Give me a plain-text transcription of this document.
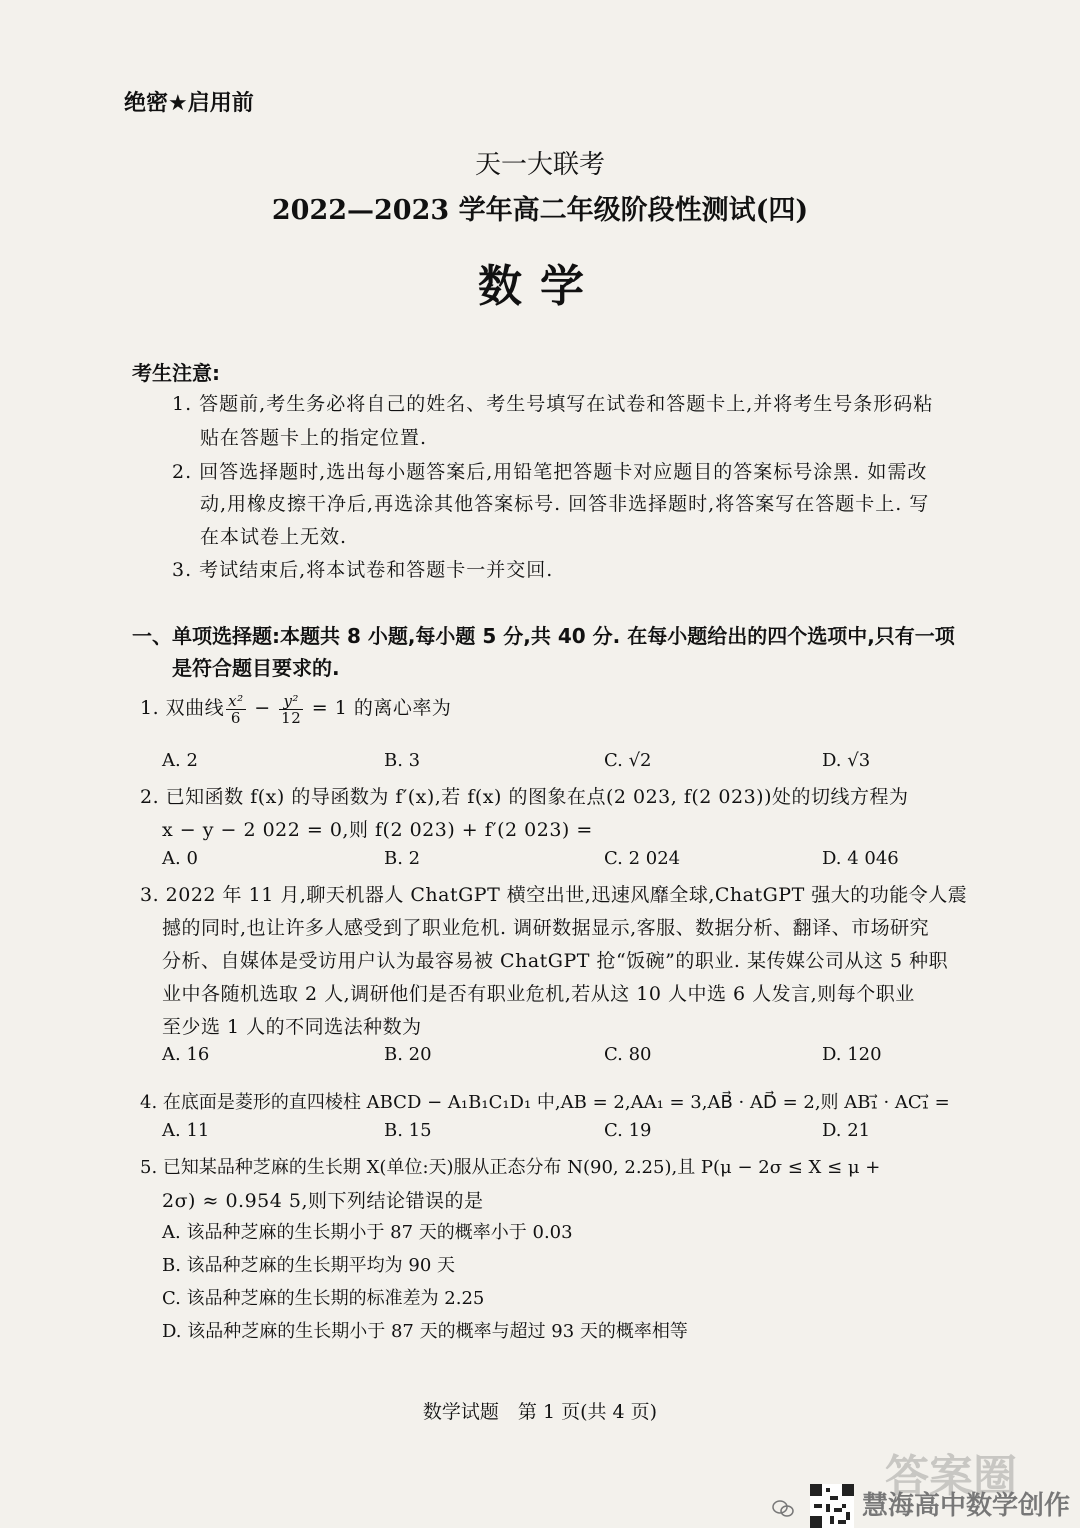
绝密★启用前
天一大联考
2022—2023 学年高二年级阶段性测试(四)
数学
考生注意:
1. 答题前,考生务必将自己的姓名、考生号填写在试卷和答题卡上,并将考生号条形码粘
贴在答题卡上的指定位置.
2. 回答选择题时,选出每小题答案后,用铅笔把答题卡对应题目的答案标号涂黑. 如需改
动,用橡皮擦干净后,再选涂其他答案标号. 回答非选择题时,将答案写在答题卡上. 写
在本试卷上无效.
3. 考试结束后,将本试卷和答题卡一并交回.
一、单项选择题:本题共 8 小题,每小题 5 分,共 40 分. 在每小题给出的四个选项中,只有一项
是符合题目要求的.
1. 双曲线 $\frac{\text{x²}}{6} - \frac{\text{y²}}{12} = 1$ 的离心率为
A. 2	B. 3	C. √2	D. √3
2. 已知函数 f(x) 的导函数为 f′(x),若 f(x) 的图象在点(2 023, f(2 023))处的切线方程为
x − y − 2 022 = 0,则 f(2 023) + f′(2 023) =
A. 0	B. 2	C. 2 024	D. 4 046
3. 2022 年 11 月,聊天机器人 ChatGPT 横空出世,迅速风靡全球,ChatGPT 强大的功能令人震
撼的同时,也让许多人感受到了职业危机. 调研数据显示,客服、数据分析、翻译、市场研究
分析、自媒体是受访用户认为最容易被 ChatGPT 抢“饭碗”的职业. 某传媒公司从这 5 种职
业中各随机选取 2 人,调研他们是否有职业危机,若从这 10 人中选 6 人发言,则每个职业
至少选 1 人的不同选法种数为
A. 16	B. 20	C. 80	D. 120
4. 在底面是菱形的直四棱柱 ABCD − A₁B₁C₁D₁ 中,AB = 2,AA₁ = 3,AB⃗ · AD⃗ = 2,则 AB₁⃗ · AC₁⃗ =
A. 11	B. 15	C. 19	D. 21
5. 已知某品种芝麻的生长期 X(单位:天)服从正态分布 N(90, 2.25),且 P(μ − 2σ ≤ X ≤ μ +
2σ) ≈ 0.954 5,则下列结论错误的是
A. 该品种芝麻的生长期小于 87 天的概率小于 0.03
B. 该品种芝麻的生长期平均为 90 天
C. 该品种芝麻的生长期的标准差为 2.25
D. 该品种芝麻的生长期小于 87 天的概率与超过 93 天的概率相等
数学试题　第 1 页(共 4 页)
答案圈
慧海高中数学创作
